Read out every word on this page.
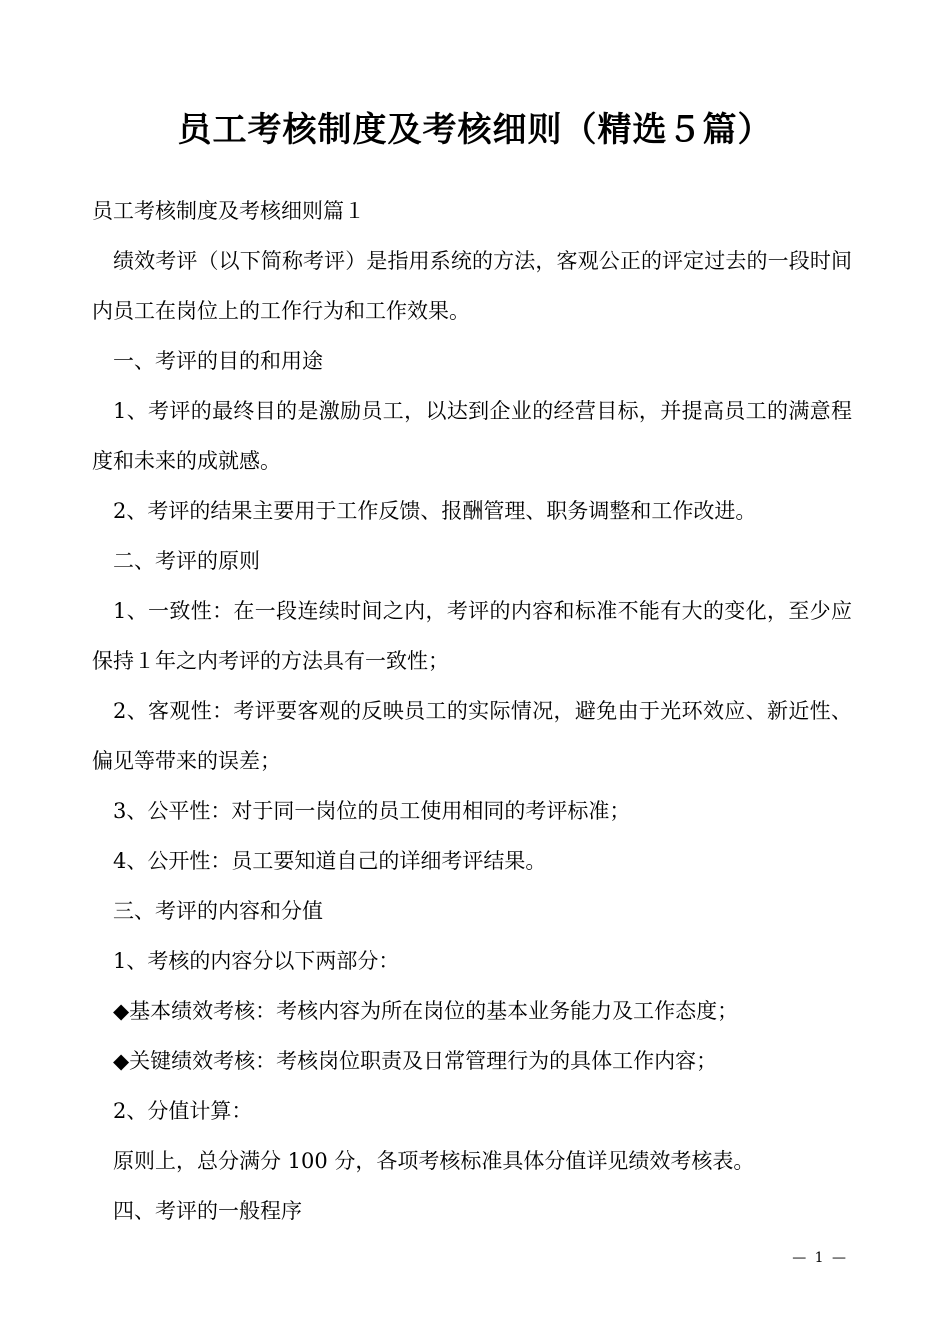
员工考核制度及考核细则（精选５篇）

员工考核制度及考核细则篇１

绩效考评（以下简称考评）是指用系统的方法，客观公正的评定过去的一段时间内员工在岗位上的工作行为和工作效果。

一、考评的目的和用途

1、考评的最终目的是激励员工，以达到企业的经营目标，并提高员工的满意程度和未来的成就感。

2、考评的结果主要用于工作反馈、报酬管理、职务调整和工作改进。

二、考评的原则

1、一致性：在一段连续时间之内，考评的内容和标准不能有大的变化，至少应保持１年之内考评的方法具有一致性；

2、客观性：考评要客观的反映员工的实际情况，避免由于光环效应、新近性、偏见等带来的误差；

3、公平性：对于同一岗位的员工使用相同的考评标准；

4、公开性：员工要知道自己的详细考评结果。

三、考评的内容和分值

1、考核的内容分以下两部分：

◆基本绩效考核：考核内容为所在岗位的基本业务能力及工作态度；

◆关键绩效考核：考核岗位职责及日常管理行为的具体工作内容；

2、分值计算：

原则上，总分满分 100 分，各项考核标准具体分值详见绩效考核表。

四、考评的一般程序

— 1 —
